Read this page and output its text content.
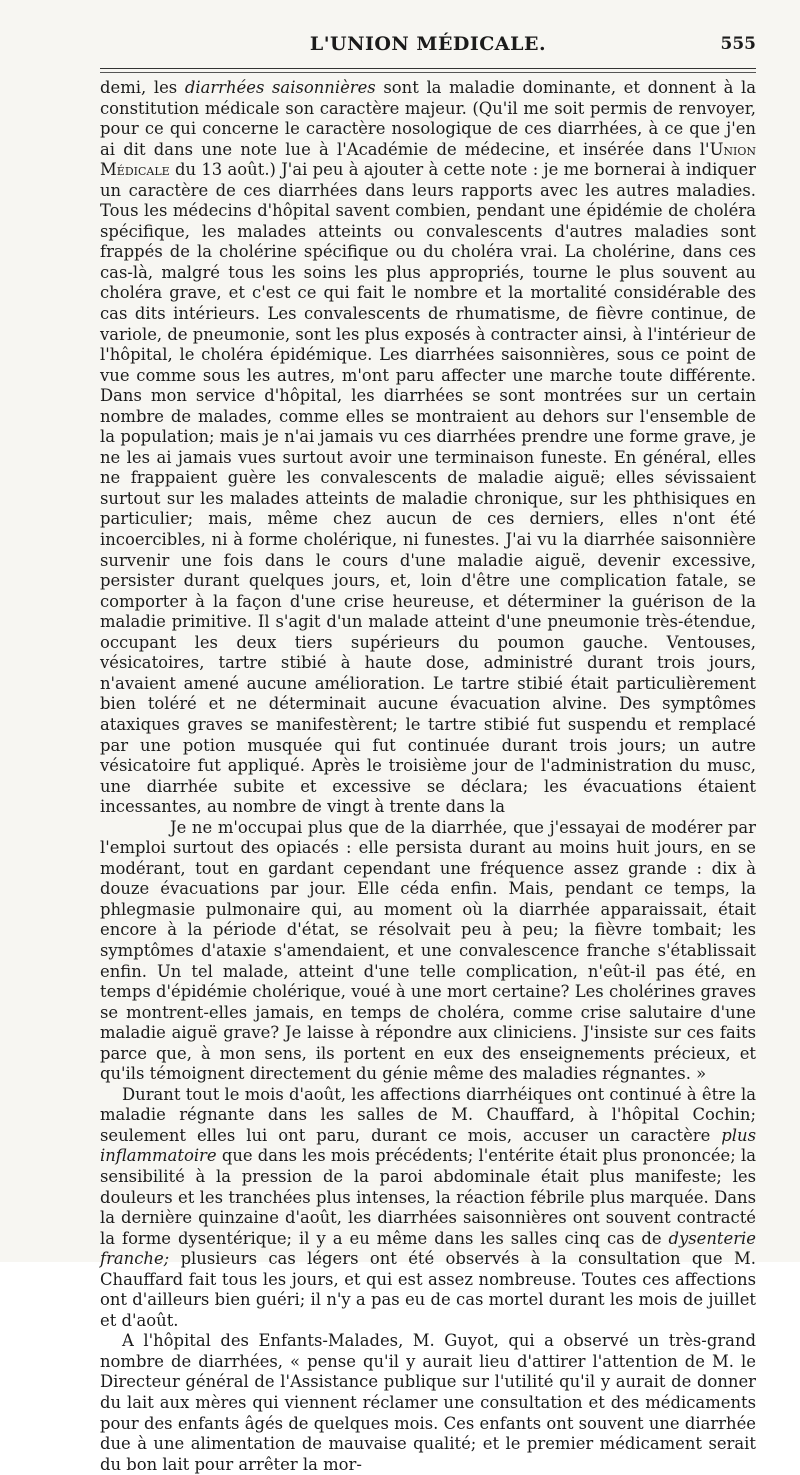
L'UNION MÉDICALE.	555

demi, les diarrhées saisonnières sont la maladie dominante, et donnent à la constitution médicale son caractère majeur. (Qu'il me soit permis de renvoyer, pour ce qui concerne le caractère nosologique de ces diarrhées, à ce que j'en ai dit dans une note lue à l'Académie de médecine, et insérée dans l'Union Médicale du 13 août.) J'ai peu à ajouter à cette note : je me bornerai à indiquer un caractère de ces diarrhées dans leurs rapports avec les autres maladies. Tous les médecins d'hôpital savent combien, pendant une épidémie de choléra spécifique, les malades atteints ou convalescents d'autres maladies sont frappés de la cholérine spécifique ou du choléra vrai. La cholérine, dans ces cas-là, malgré tous les soins les plus appropriés, tourne le plus souvent au choléra grave, et c'est ce qui fait le nombre et la mortalité considérable des cas dits intérieurs. Les convalescents de rhumatisme, de fièvre continue, de variole, de pneumonie, sont les plus exposés à contracter ainsi, à l'intérieur de l'hôpital, le choléra épidémique. Les diarrhées saisonnières, sous ce point de vue comme sous les autres, m'ont paru affecter une marche toute différente. Dans mon service d'hôpital, les diarrhées se sont montrées sur un certain nombre de malades, comme elles se montraient au dehors sur l'ensemble de la population; mais je n'ai jamais vu ces diarrhées prendre une forme grave, je ne les ai jamais vues surtout avoir une terminaison funeste. En général, elles ne frappaient guère les convalescents de maladie aiguë; elles sévissaient surtout sur les malades atteints de maladie chronique, sur les phthisiques en particulier; mais, même chez aucun de ces derniers, elles n'ont été incoercibles, ni à forme cholérique, ni funestes. J'ai vu la diarrhée saisonnière survenir une fois dans le cours d'une maladie aiguë, devenir excessive, persister durant quelques jours, et, loin d'être une complication fatale, se comporter à la façon d'une crise heureuse, et déterminer la guérison de la maladie primitive. Il s'agit d'un malade atteint d'une pneumonie très-étendue, occupant les deux tiers supérieurs du poumon gauche. Ventouses, vésicatoires, tartre stibié à haute dose, administré durant trois jours, n'avaient amené aucune amélioration. Le tartre stibié était particulièrement bien toléré et ne déterminait aucune évacuation alvine. Des symptômes ataxiques graves se manifestèrent; le tartre stibié fut suspendu et remplacé par une potion musquée qui fut continuée durant trois jours; un autre vésicatoire fut appliqué. Après le troisième jour de l'administration du musc, une diarrhée subite et excessive se déclara; les évacuations étaient incessantes, au nombre de vingt à trente dans la

Je ne m'occupai plus que de la diarrhée, que j'essayai de modérer par l'emploi surtout des opiacés : elle persista durant au moins huit jours, en se modérant, tout en gardant cependant une fréquence assez grande : dix à douze évacuations par jour. Elle céda enfin. Mais, pendant ce temps, la phlegmasie pulmonaire qui, au moment où la diarrhée apparaissait, était encore à la période d'état, se résolvait peu à peu; la fièvre tombait; les symptômes d'ataxie s'amendaient, et une convalescence franche s'établissait enfin. Un tel malade, atteint d'une telle complication, n'eût-il pas été, en temps d'épidémie cholérique, voué à une mort certaine? Les cholérines graves se montrent-elles jamais, en temps de choléra, comme crise salutaire d'une maladie aiguë grave? Je laisse à répondre aux cliniciens. J'insiste sur ces faits parce que, à mon sens, ils portent en eux des enseignements précieux, et qu'ils témoignent directement du génie même des maladies régnantes. »

Durant tout le mois d'août, les affections diarrhéiques ont continué à être la maladie régnante dans les salles de M. Chauffard, à l'hôpital Cochin; seulement elles lui ont paru, durant ce mois, accuser un caractère plus inflammatoire que dans les mois précédents; l'entérite était plus prononcée; la sensibilité à la pression de la paroi abdominale était plus manifeste; les douleurs et les tranchées plus intenses, la réaction fébrile plus marquée. Dans la dernière quinzaine d'août, les diarrhées saisonnières ont souvent contracté la forme dysentérique; il y a eu même dans les salles cinq cas de dysenterie franche; plusieurs cas légers ont été observés à la consultation que M. Chauffard fait tous les jours, et qui est assez nombreuse. Toutes ces affections ont d'ailleurs bien guéri; il n'y a pas eu de cas mortel durant les mois de juillet et d'août.

A l'hôpital des Enfants-Malades, M. Guyot, qui a observé un très-grand nombre de diarrhées, « pense qu'il y aurait lieu d'attirer l'attention de M. le Directeur général de l'Assistance publique sur l'utilité qu'il y aurait de donner du lait aux mères qui viennent réclamer une consultation et des médicaments pour des enfants âgés de quelques mois. Ces enfants ont souvent une diarrhée due à une alimentation de mauvaise qualité; et le premier médicament serait du bon lait pour arrêter la mor-
